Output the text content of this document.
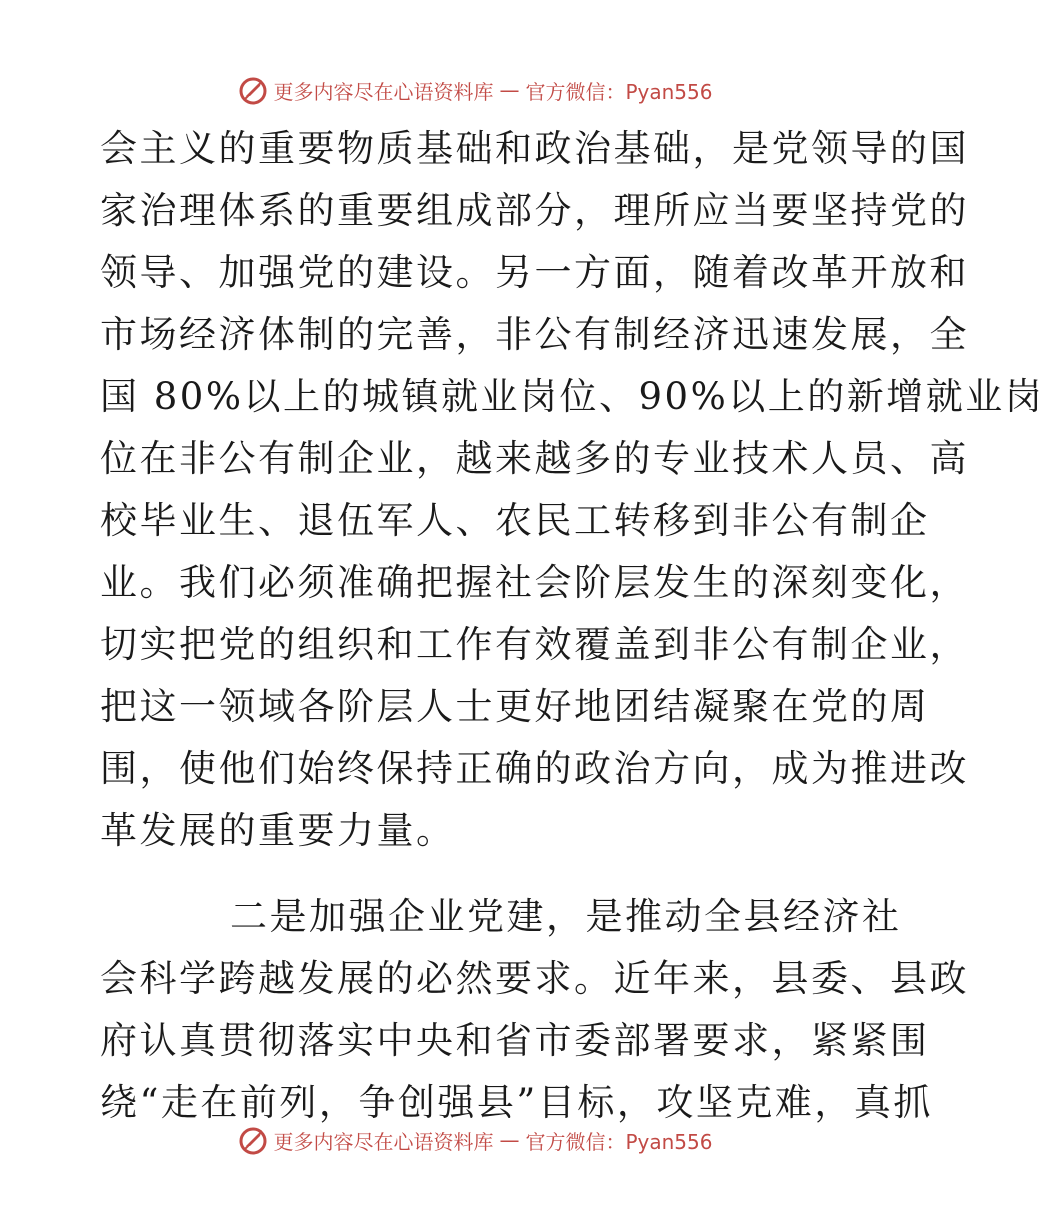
更多内容尽在心语资料库 — 官方微信：Pyan556
会主义的重要物质基础和政治基础，是党领导的国
家治理体系的重要组成部分，理所应当要坚持党的
领导、加强党的建设。另一方面，随着改革开放和
市场经济体制的完善，非公有制经济迅速发展，全
国 80%以上的城镇就业岗位、90%以上的新增就业岗
位在非公有制企业，越来越多的专业技术人员、高
校毕业生、退伍军人、农民工转移到非公有制企
业。我们必须准确把握社会阶层发生的深刻变化，
切实把党的组织和工作有效覆盖到非公有制企业，
把这一领域各阶层人士更好地团结凝聚在党的周
围，使他们始终保持正确的政治方向，成为推进改
革发展的重要力量。
二是加强企业党建，是推动全县经济社
会科学跨越发展的必然要求。近年来，县委、县政
府认真贯彻落实中央和省市委部署要求，紧紧围
绕“走在前列，争创强县”目标，攻坚克难，真抓
更多内容尽在心语资料库 — 官方微信：Pyan556
